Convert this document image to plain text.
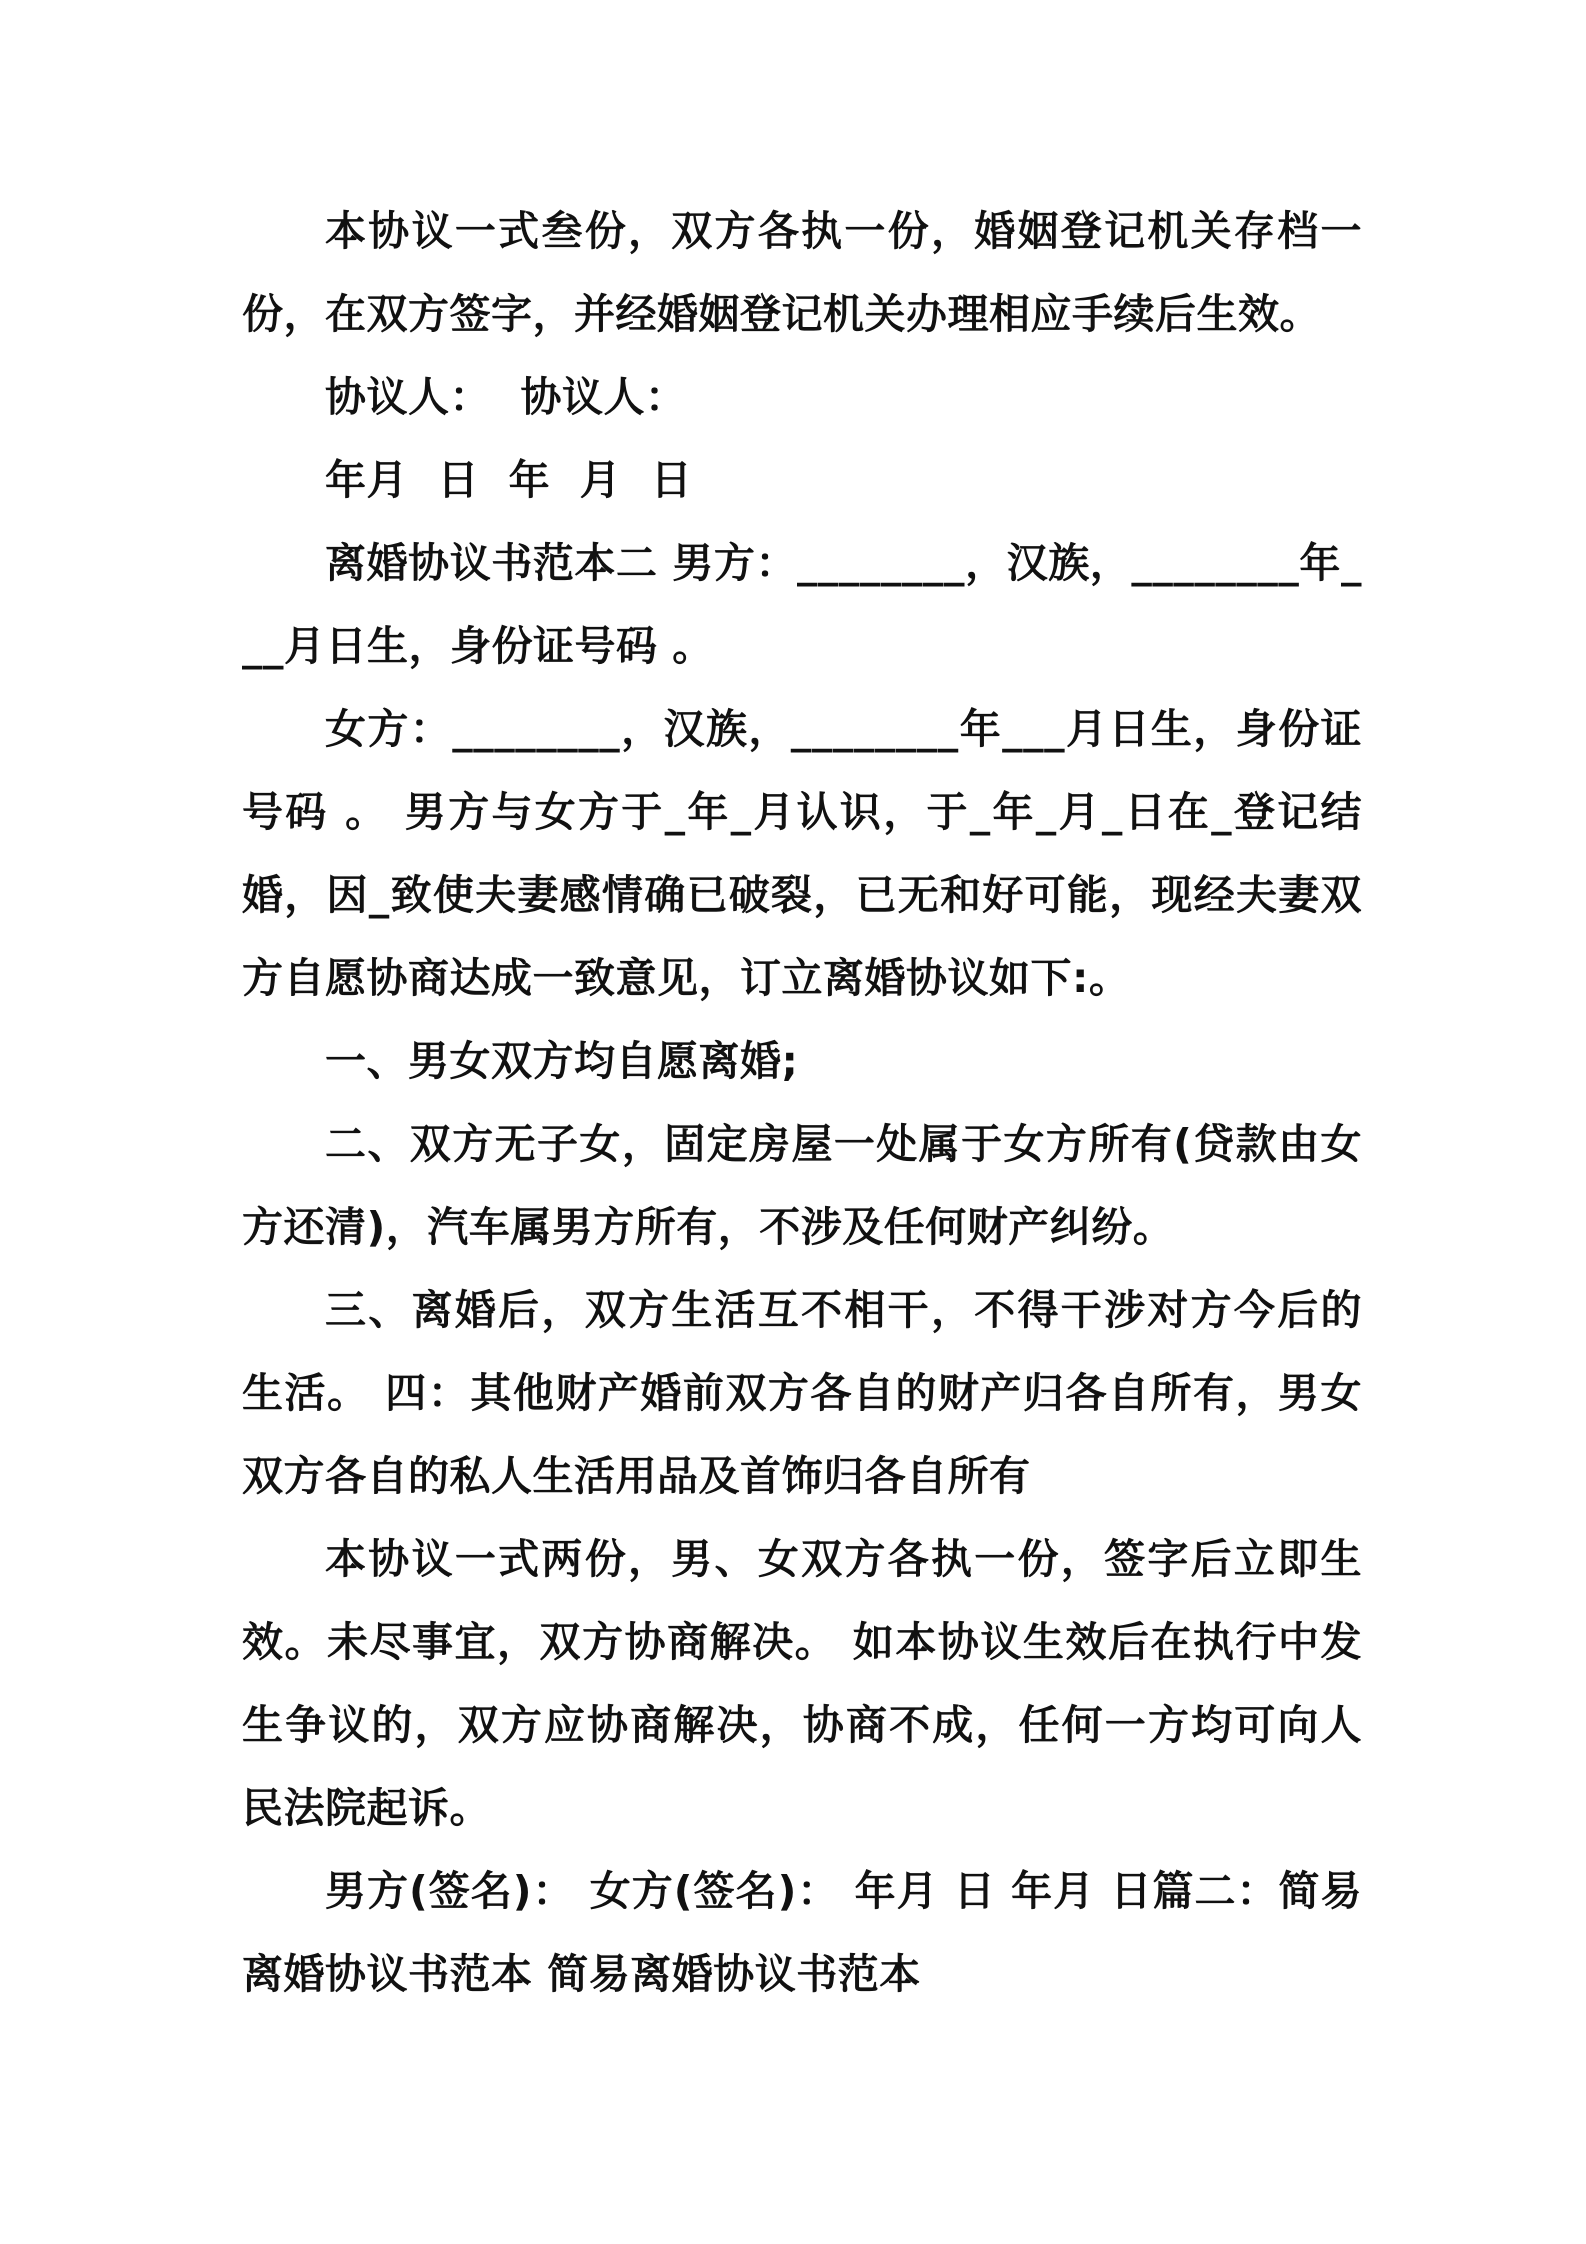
本协议一式叁份，双方各执一份，婚姻登记机关存档一份，在双方签字，并经婚姻登记机关办理相应手续后生效。

协议人：  协议人：

年月  日  年  月  日

离婚协议书范本二 男方：________，汉族，________年___月日生，身份证号码 。

女方：________，汉族，________年___月日生，身份证号码 。 男方与女方于_年_月认识，于_年_月_日在_登记结婚，因_致使夫妻感情确已破裂，已无和好可能，现经夫妻双方自愿协商达成一致意见，订立离婚协议如下:。

一、男女双方均自愿离婚;

二、双方无子女，固定房屋一处属于女方所有(贷款由女方还清)，汽车属男方所有，不涉及任何财产纠纷。

三、离婚后，双方生活互不相干，不得干涉对方今后的生活。 四：其他财产婚前双方各自的财产归各自所有，男女双方各自的私人生活用品及首饰归各自所有

本协议一式两份，男、女双方各执一份，签字后立即生效。未尽事宜，双方协商解决。 如本协议生效后在执行中发生争议的，双方应协商解决，协商不成，任何一方均可向人民法院起诉。

男方(签名)： 女方(签名)： 年月 日 年月 日篇二：简易离婚协议书范本 简易离婚协议书范本
